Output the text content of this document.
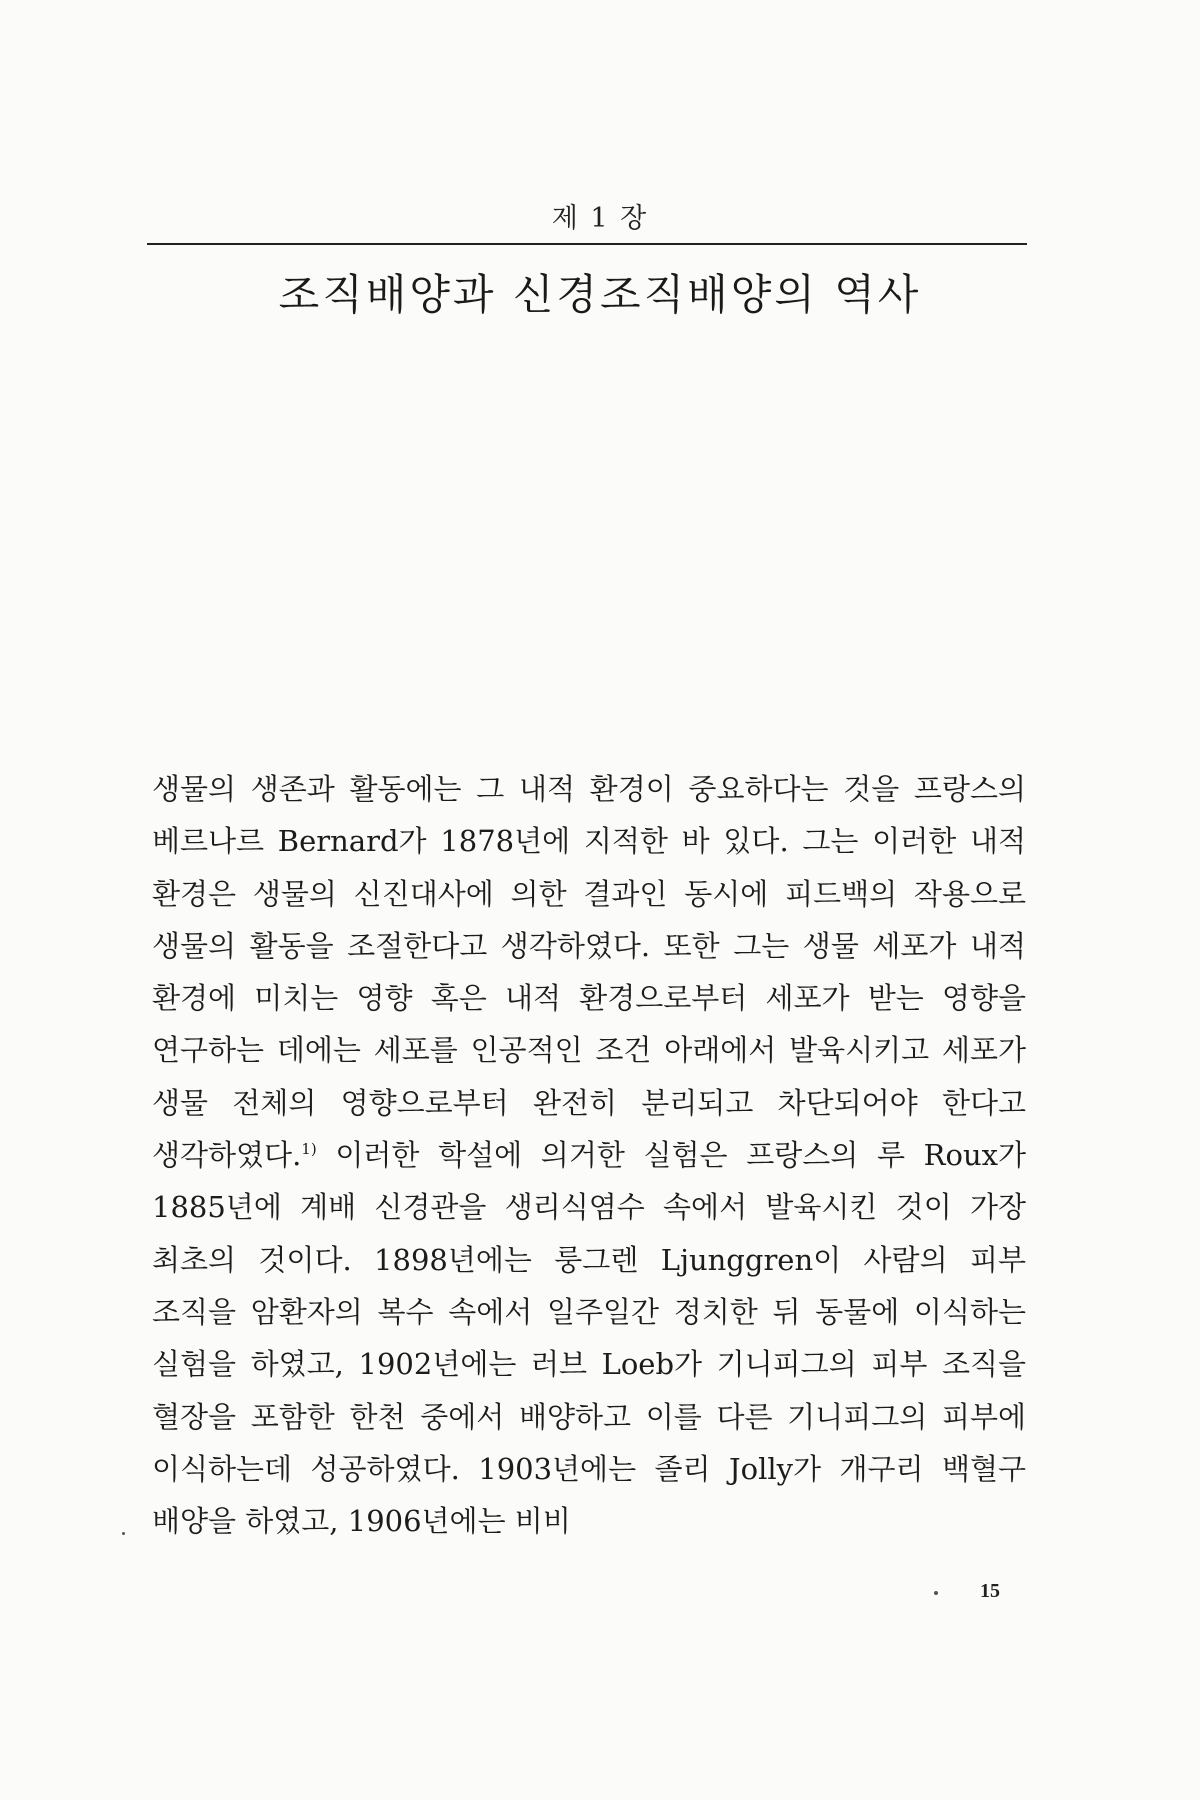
제 1 장
조직배양과 신경조직배양의 역사

생물의 생존과 활동에는 그 내적 환경이 중요하다는 것을 프랑스의 베르나르 Bernard가 1878년에 지적한 바 있다. 그는 이러한 내적 환경은 생물의 신진대사에 의한 결과인 동시에 피드백의 작용으로 생물의 활동을 조절한다고 생각하였다. 또한 그는 생물 세포가 내적 환경에 미치는 영향 혹은 내적 환경으로부터 세포가 받는 영향을 연구하는 데에는 세포를 인공적인 조건 아래에서 발육시키고 세포가 생물 전체의 영향으로부터 완전히 분리되고 차단되어야 한다고 생각하였다.$^{1)}$ 이러한 학설에 의거한 실험은 프랑스의 루 Roux가 1885년에 계배 신경관을 생리식염수 속에서 발육시킨 것이 가장 최초의 것이다. 1898년에는 룽그렌 Ljunggren이 사람의 피부 조직을 암환자의 복수 속에서 일주일간 정치한 뒤 동물에 이식하는 실험을 하였고, 1902년에는 러브 Loeb가 기니피그의 피부 조직을 혈장을 포함한 한천 중에서 배양하고 이를 다른 기니피그의 피부에 이식하는데 성공하였다. 1903년에는 졸리 Jolly가 개구리 백혈구 배양을 하였고, 1906년에는 비비

15
